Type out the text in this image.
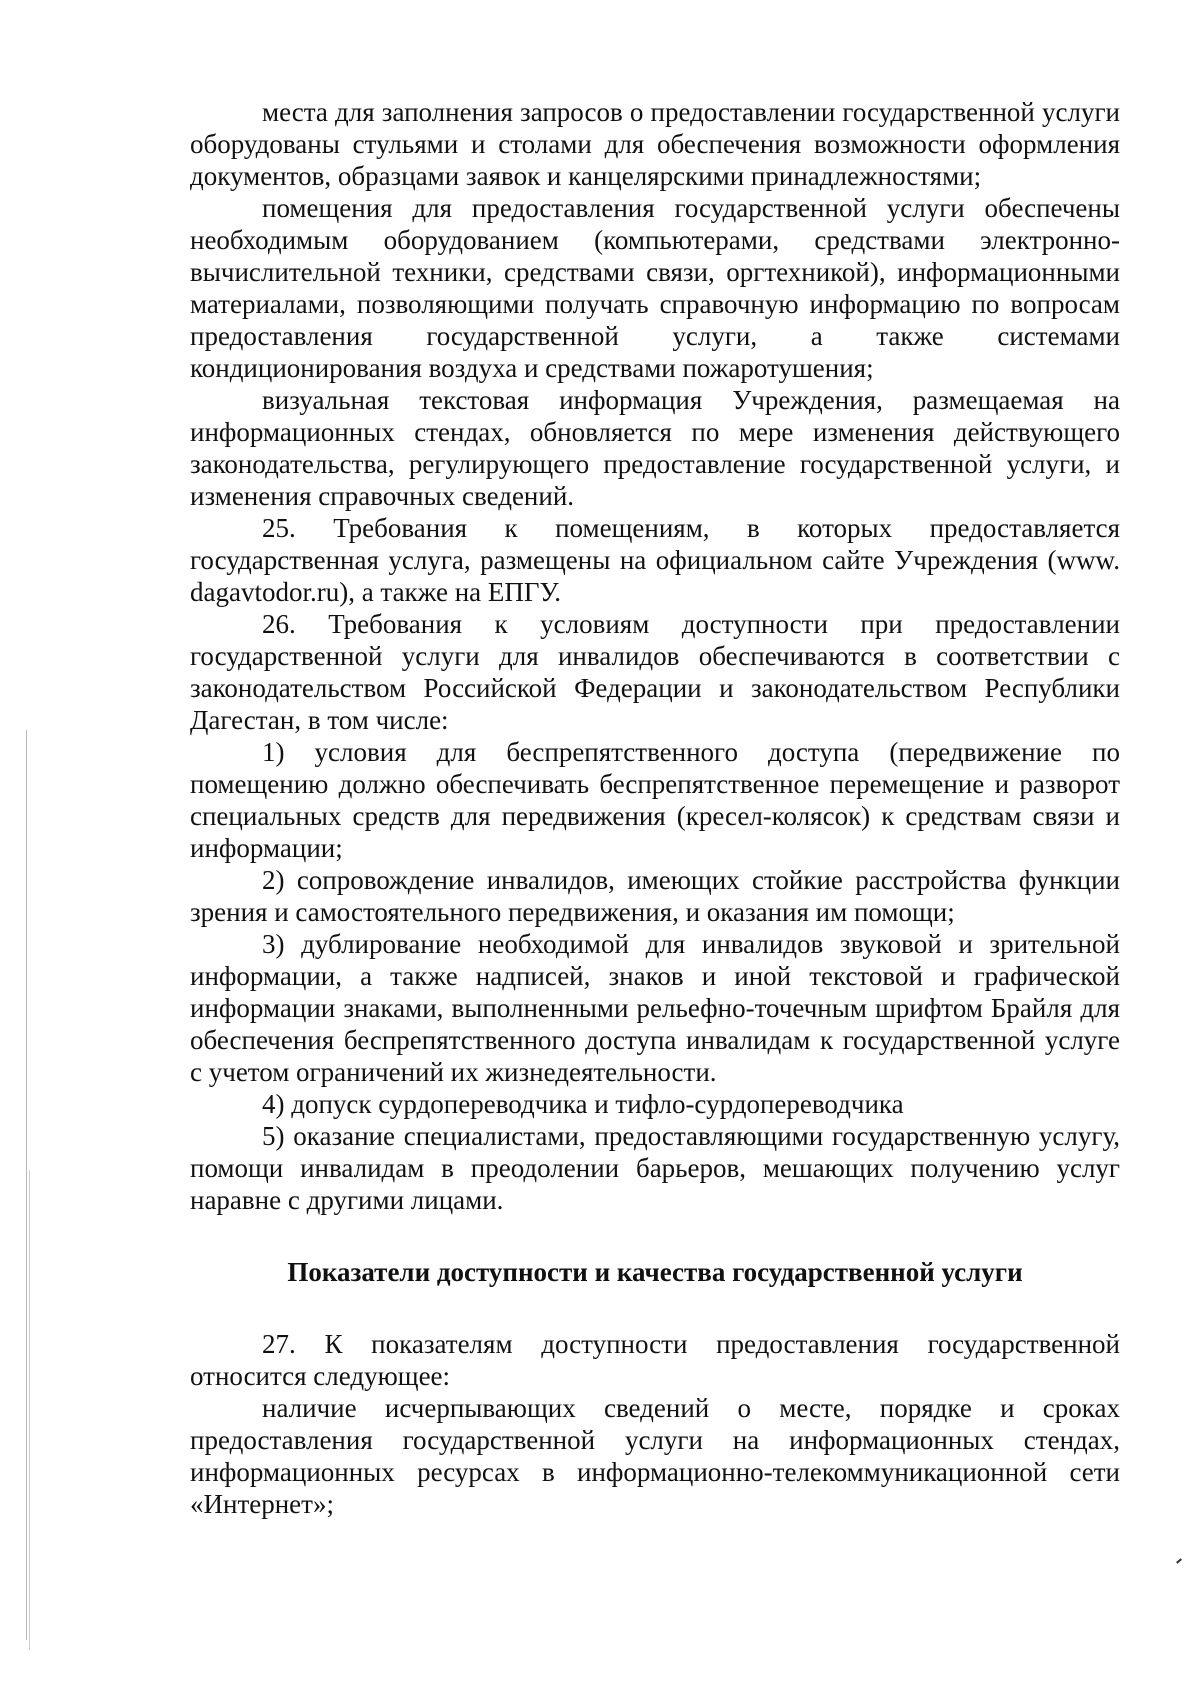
места для заполнения запросов о предоставлении государственной услуги оборудованы стульями и столами для обеспечения возможности оформления документов, образцами заявок и канцелярскими принадлежностями;

помещения для предоставления государственной услуги обеспечены необходимым оборудованием (компьютерами, средствами электронно-вычислительной техники, средствами связи, оргтехникой), информационными материалами, позволяющими получать справочную информацию по вопросам предоставления государственной услуги, а также системами кондиционирования воздуха и средствами пожаротушения;

визуальная текстовая информация Учреждения, размещаемая на информационных стендах, обновляется по мере изменения действующего законодательства, регулирующего предоставление государственной услуги, и изменения справочных сведений.

25. Требования к помещениям, в которых предоставляется государственная услуга, размещены на официальном сайте Учреждения (www. dagavtodor.ru), а также на ЕПГУ.

26. Требования к условиям доступности при предоставлении государственной услуги для инвалидов обеспечиваются в соответствии с законодательством Российской Федерации и законодательством Республики Дагестан, в том числе:

1) условия для беспрепятственного доступа (передвижение по помещению должно обеспечивать беспрепятственное перемещение и разворот специальных средств для передвижения (кресел-колясок) к средствам связи и информации;

2) сопровождение инвалидов, имеющих стойкие расстройства функции зрения и самостоятельного передвижения, и оказания им помощи;

3) дублирование необходимой для инвалидов звуковой и зрительной информации, а также надписей, знаков и иной текстовой и графической информации знаками, выполненными рельефно-точечным шрифтом Брайля для обеспечения беспрепятственного доступа инвалидам к государственной услуге с учетом ограничений их жизнедеятельности.

4) допуск сурдопереводчика и тифло-сурдопереводчика

5) оказание специалистами, предоставляющими государственную услугу, помощи инвалидам в преодолении барьеров, мешающих получению услуг наравне с другими лицами.

Показатели доступности и качества государственной услуги

27. К показателям доступности предоставления государственной относится следующее:

наличие исчерпывающих сведений о месте, порядке и сроках предоставления государственной услуги на информационных стендах, информационных ресурсах в информационно-телекоммуникационной сети «Интернет»;
